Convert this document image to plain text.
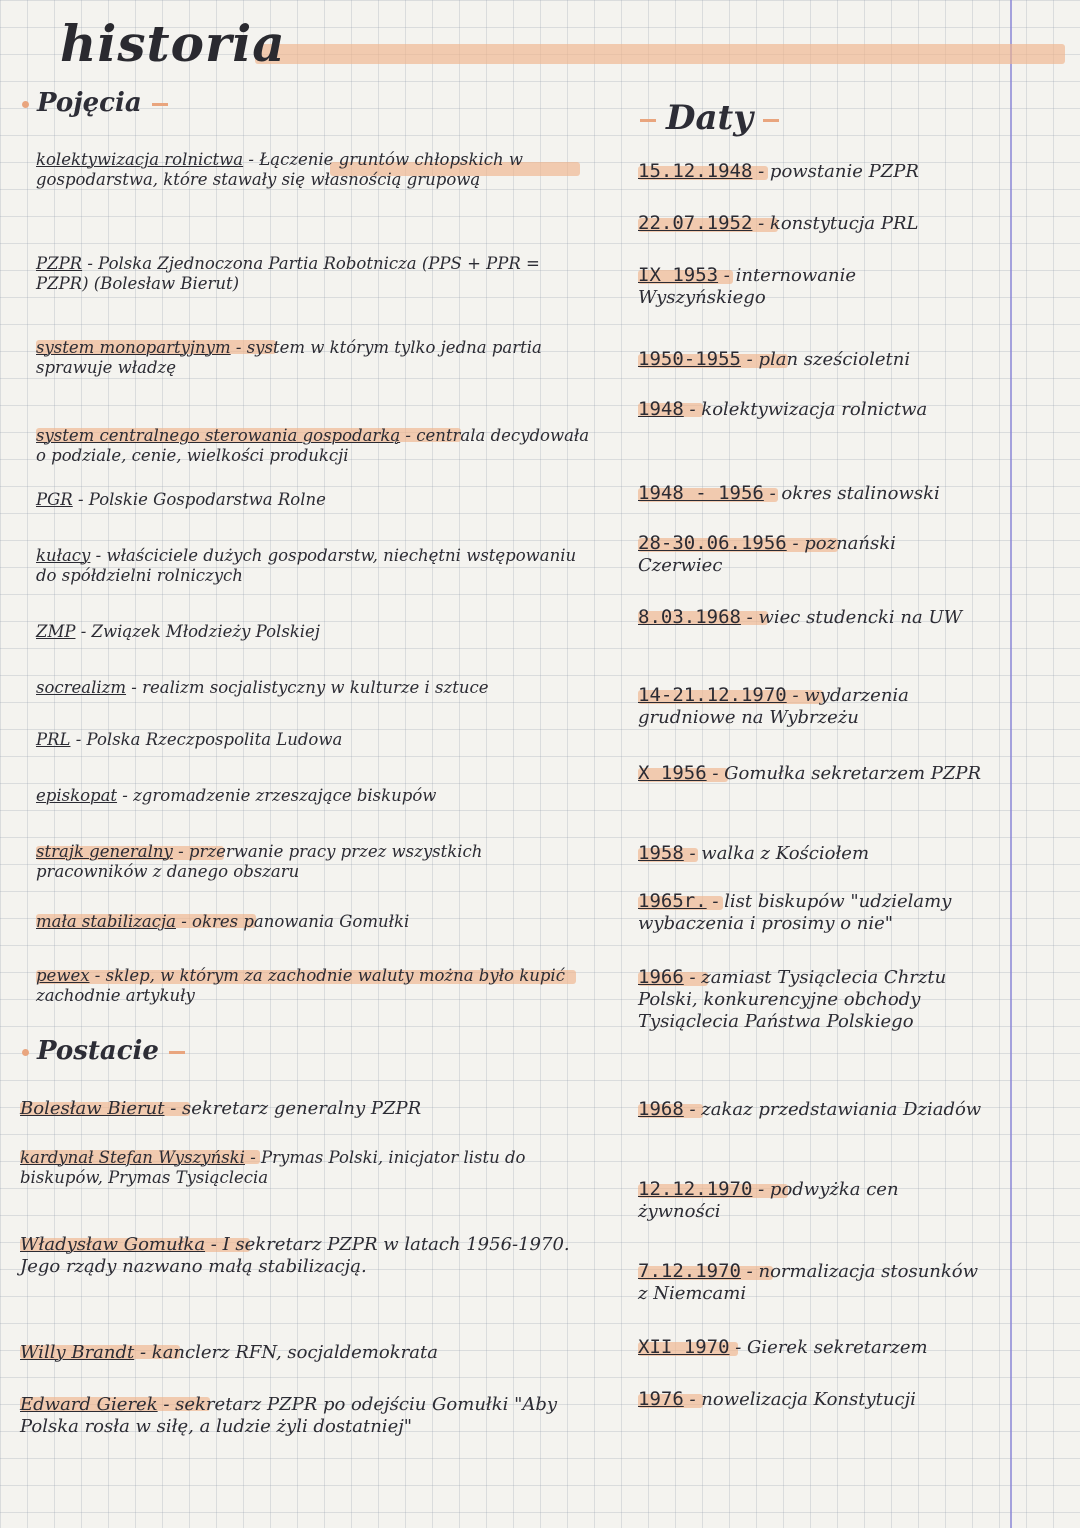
historia
Pojęcia	Daty
Postacie
kolektywizacja rolnictwa - Łączenie gruntów chłopskich w gospodarstwa, które stawały się własnością grupową
PZPR - Polska Zjednoczona Partia Robotnicza (PPS + PPR = PZPR) (Bolesław Bierut)
system monopartyjnym - system w którym tylko jedna partia sprawuje władzę
system centralnego sterowania gospodarką - centrala decydowała o podziale, cenie, wielkości produkcji
PGR - Polskie Gospodarstwa Rolne
kułacy - właściciele dużych gospodarstw, niechętni wstępowaniu do spółdzielni rolniczych
ZMP - Związek Młodzieży Polskiej
socrealizm - realizm socjalistyczny w kulturze i sztuce
PRL - Polska Rzeczpospolita Ludowa
episkopat - zgromadzenie zrzeszające biskupów
strajk generalny - przerwanie pracy przez wszystkich pracowników z danego obszaru
mała stabilizacja - okres panowania Gomułki
pewex - sklep, w którym za zachodnie waluty można było kupić zachodnie artykuły
Bolesław Bierut - sekretarz generalny PZPR
kardynał Stefan Wyszyński - Prymas Polski, inicjator listu do biskupów, Prymas Tysiąclecia
Władysław Gomułka - I sekretarz PZPR w latach 1956-1970. Jego rządy nazwano małą stabilizacją.
Willy Brandt - kanclerz RFN, socjaldemokrata
Edward Gierek - sekretarz PZPR po odejściu Gomułki "Aby Polska rosła w siłę, a ludzie żyli dostatniej"
15.12.1948 - powstanie PZPR
22.07.1952 - konstytucja PRL
IX 1953 - internowanie Wyszyńskiego
1950-1955 - plan sześcioletni
1948 - kolektywizacja rolnictwa
1948 - 1956 - okres stalinowski
28-30.06.1956 - poznański Czerwiec
8.03.1968 - wiec studencki na UW
14-21.12.1970 - wydarzenia grudniowe na Wybrzeżu
X 1956 - Gomułka sekretarzem PZPR
1958 - walka z Kościołem
1965r. - list biskupów "udzielamy wybaczenia i prosimy o nie"
1966 - zamiast Tysiąclecia Chrztu Polski, konkurencyjne obchody Tysiąclecia Państwa Polskiego
1968 - zakaz przedstawiania Dziadów
12.12.1970 - podwyżka cen żywności
7.12.1970 - normalizacja stosunków z Niemcami
XII 1970 - Gierek sekretarzem
1976 - nowelizacja Konstytucji
